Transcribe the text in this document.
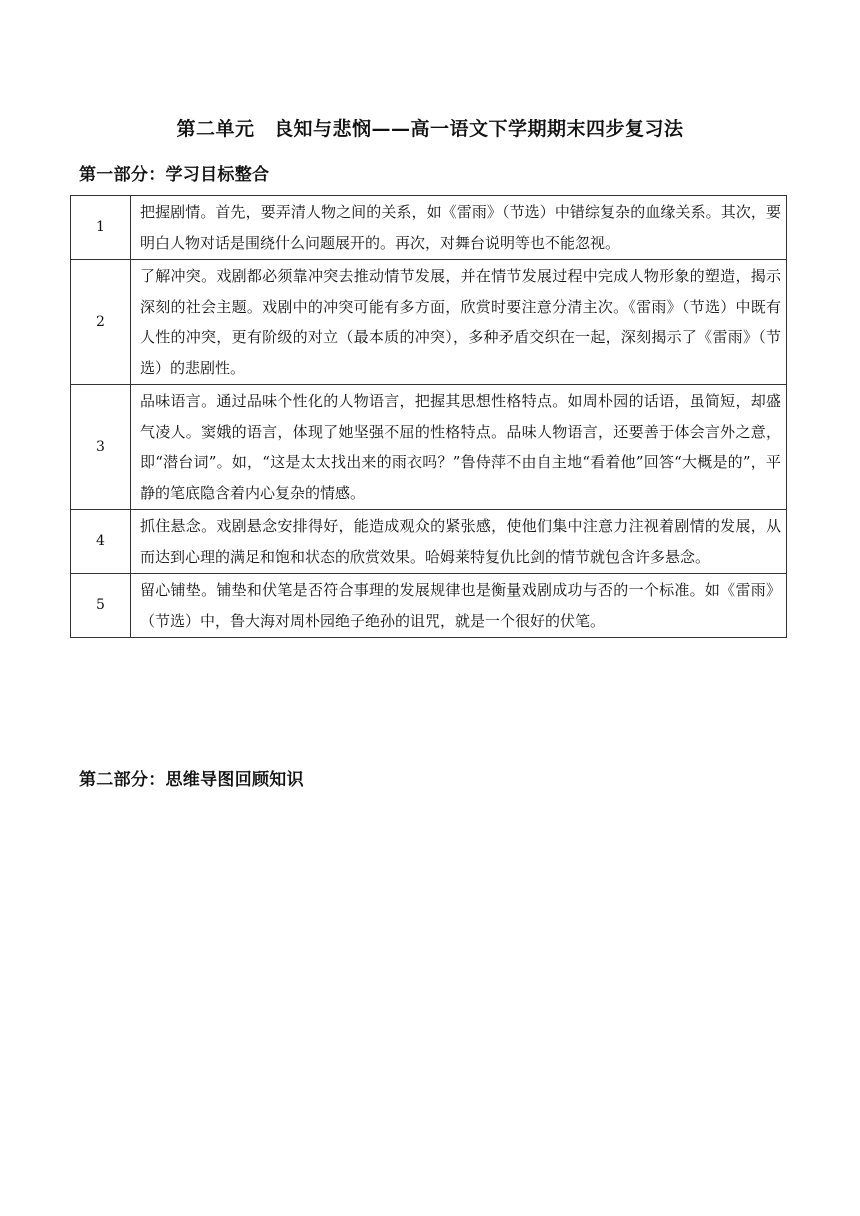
第二单元　良知与悲悯——高一语文下学期期末四步复习法
第一部分：学习目标整合
1	把握剧情。首先，要弄清人物之间的关系，如《雷雨》（节选）中错综复杂的血缘关系。其次，要明白人物对话是围绕什么问题展开的。再次，对舞台说明等也不能忽视。
2	了解冲突。戏剧都必须靠冲突去推动情节发展，并在情节发展过程中完成人物形象的塑造，揭示深刻的社会主题。戏剧中的冲突可能有多方面，欣赏时要注意分清主次。《雷雨》（节选）中既有人性的冲突，更有阶级的对立（最本质的冲突），多种矛盾交织在一起，深刻揭示了《雷雨》（节选）的悲剧性。
3	品味语言。通过品味个性化的人物语言，把握其思想性格特点。如周朴园的话语，虽简短，却盛气凌人。窦娥的语言，体现了她坚强不屈的性格特点。品味人物语言，还要善于体会言外之意，即“潜台词”。如，“这是太太找出来的雨衣吗？”鲁侍萍不由自主地“看着他”回答“大概是的”，平静的笔底隐含着内心复杂的情感。
4	抓住悬念。戏剧悬念安排得好，能造成观众的紧张感，使他们集中注意力注视着剧情的发展，从而达到心理的满足和饱和状态的欣赏效果。哈姆莱特复仇比剑的情节就包含许多悬念。
5	留心铺垫。铺垫和伏笔是否符合事理的发展规律也是衡量戏剧成功与否的一个标准。如《雷雨》（节选）中，鲁大海对周朴园绝子绝孙的诅咒，就是一个很好的伏笔。
第二部分：思维导图回顾知识
